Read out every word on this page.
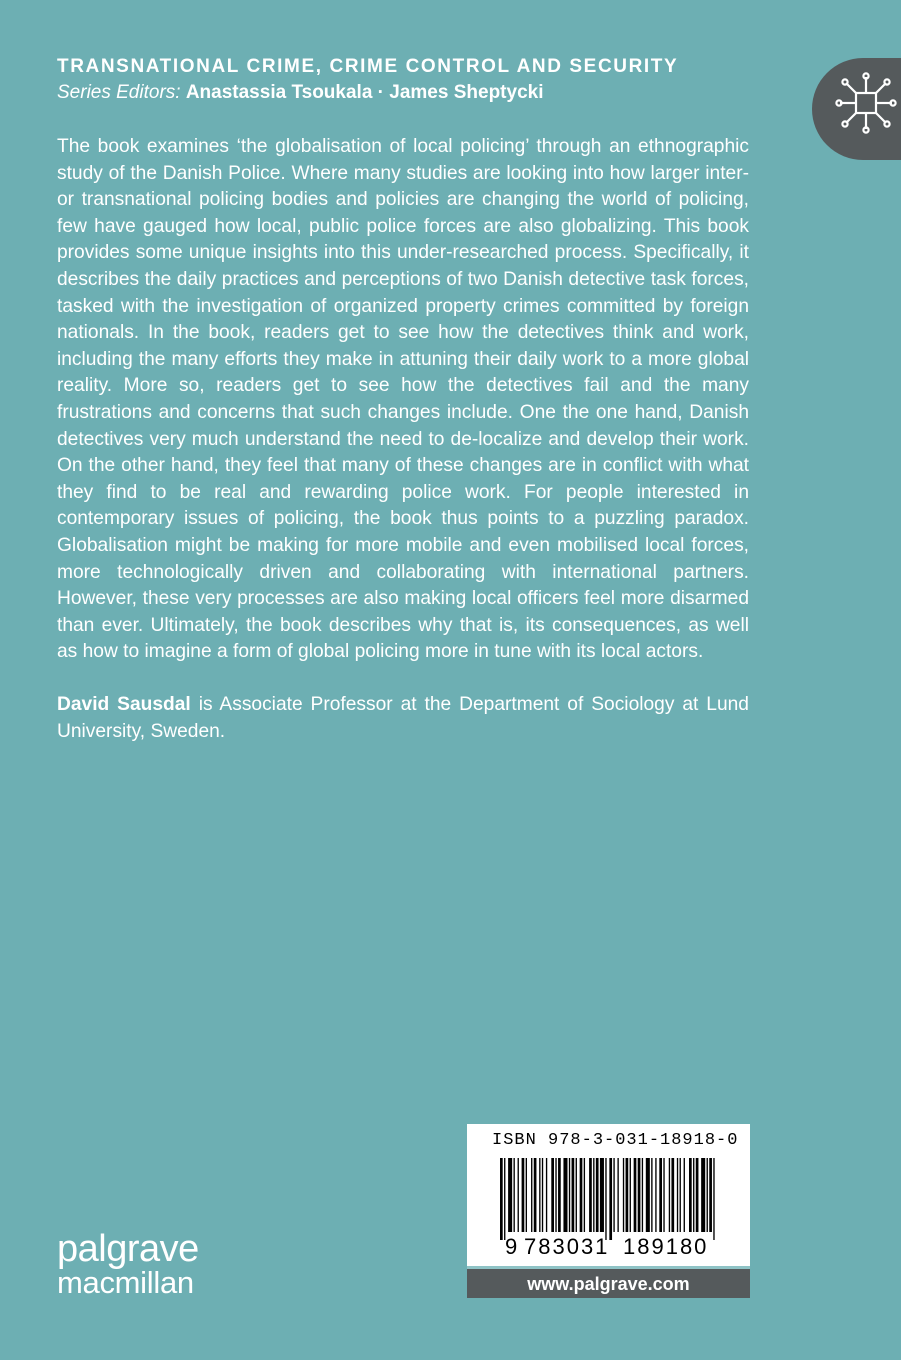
TRANSNATIONAL CRIME, CRIME CONTROL AND SECURITY

Series Editors: Anastassia Tsoukala · James Sheptycki

The book examines ‘the globalisation of local policing’ through an ethnographic study of the Danish Police. Where many studies are looking into how larger inter- or transnational policing bodies and policies are changing the world of policing, few have gauged how local, public police forces are also globalizing. This book provides some unique insights into this under-researched process. Specifically, it describes the daily practices and perceptions of two Danish detective task forces, tasked with the investigation of organized property crimes committed by foreign nationals. In the book, readers get to see how the detectives think and work, including the many efforts they make in attuning their daily work to a more global reality. More so, readers get to see how the detectives fail and the many frustrations and concerns that such changes include. One the one hand, Danish detectives very much understand the need to de-localize and develop their work. On the other hand, they feel that many of these changes are in conflict with what they find to be real and rewarding police work. For people interested in contemporary issues of policing, the book thus points to a puzzling paradox. Globalisation might be making for more mobile and even mobilised local forces, more technologically driven and collaborating with international partners. However, these very processes are also making local officers feel more disarmed than ever. Ultimately, the book describes why that is, its consequences, as well as how to imagine a form of global policing more in tune with its local actors.

David Sausdal is Associate Professor at the Department of Sociology at Lund University, Sweden.

palgrave
macmillan
ISBN 978-3-031-18918-0
9 783031 189180
www.palgrave.com
